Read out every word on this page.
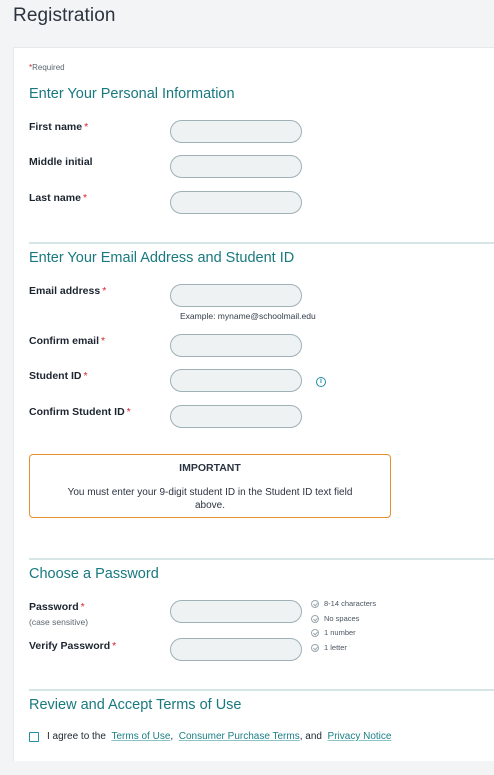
Registration
*Required
Enter Your Personal Information
First name *
Middle initial
Last name *
Enter Your Email Address and Student ID
Email address *
Example: myname@schoolmail.edu
Confirm email *
Student ID *	i
Confirm Student ID *
IMPORTANT
You must enter your 9-digit student ID in the Student ID text field above.
Choose a Password
Password *
(case sensitive)
Verify Password *
8-14 characters
No spaces
1 number
1 letter
Review and Accept Terms of Use
I agree to the
Terms of Use ,
Consumer Purchase Terms , and
Privacy Notice
